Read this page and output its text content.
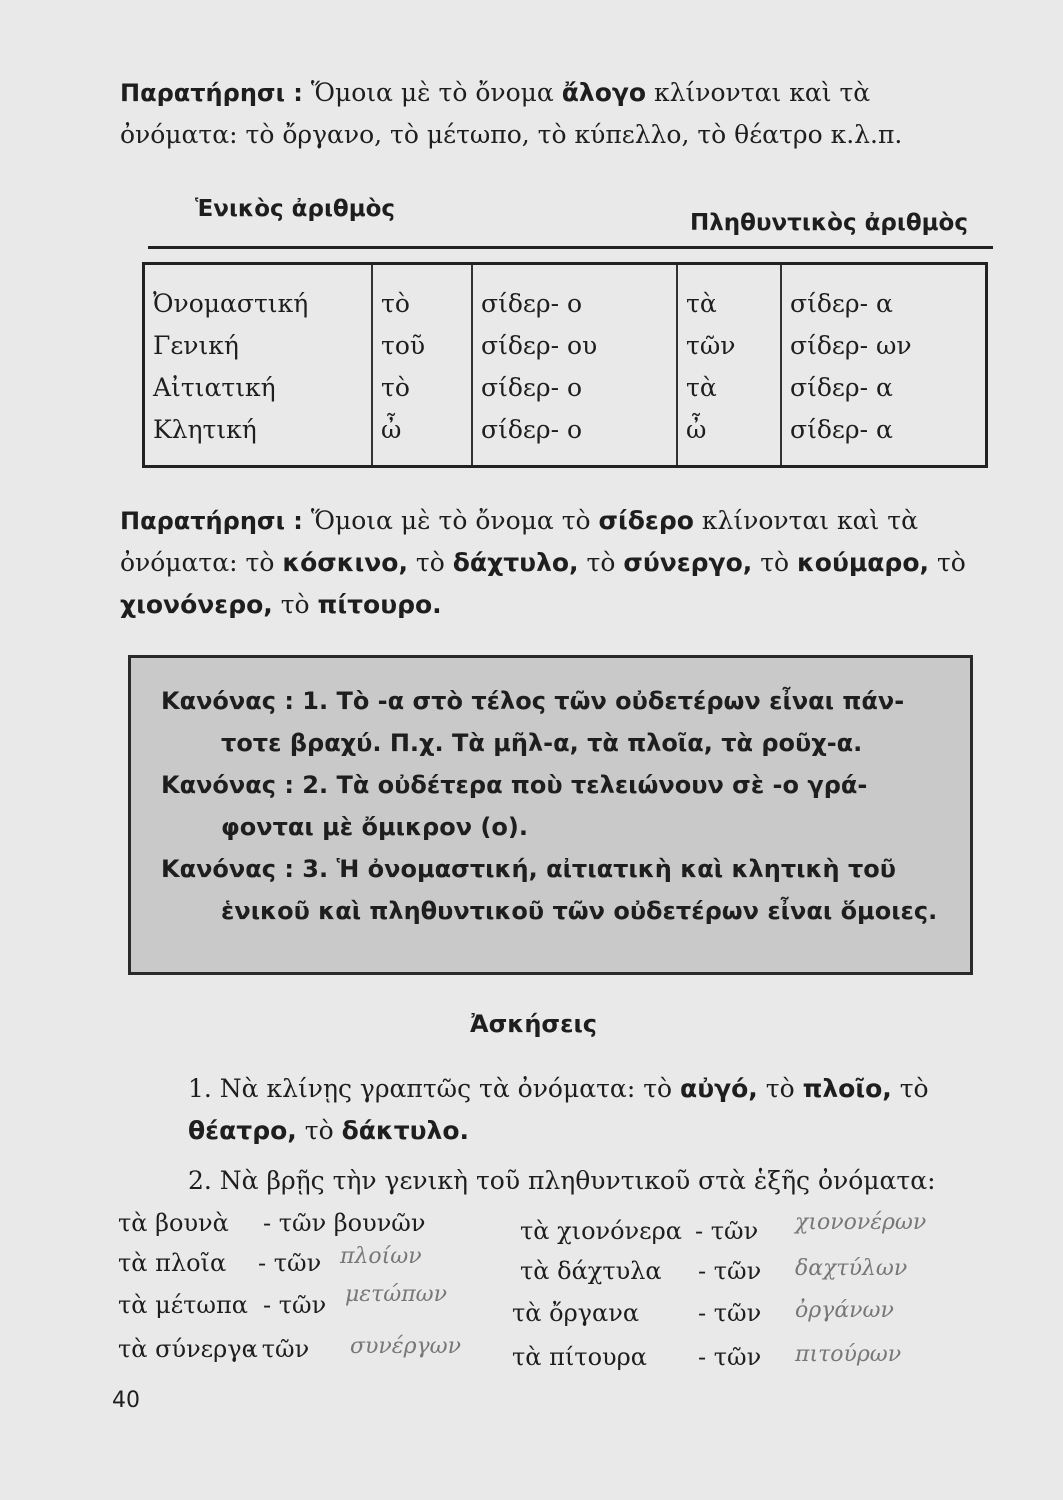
Παρατήρησι : Ὅμοια μὲ τὸ ὄνομα ἄλογο κλίνονται καὶ τὰ ὀνόματα: τὸ ὄργανο, τὸ μέτωπο, τὸ κύπελλο, τὸ θέατρο κ.λ.π.

Ἑνικὸς ἀριθμὸς
Πληθυντικὸς ἀριθμὸς
Ὀνομαστική
Γενική
Αἰτιατική
Κλητική
τὸ
τοῦ
τὸ
ὦ
σίδερ- ο
σίδερ- ου
σίδερ- ο
σίδερ- ο
τὰ
τῶν
τὰ
ὦ
σίδερ- α
σίδερ- ων
σίδερ- α
σίδερ- α

Παρατήρησι : Ὅμοια μὲ τὸ ὄνομα τὸ σίδερο κλίνονται καὶ τὰ ὀνόματα: τὸ κόσκινο, τὸ δάχτυλο, τὸ σύνεργο, τὸ κούμαρο, τὸ χιονόνερο, τὸ πίτουρο.

Κανόνας : 1. Τὸ -α στὸ τέλος τῶν οὐδετέρων εἶναι πάν-
τοτε βραχύ. Π.χ. Τὰ μῆλ-α, τὰ πλοῖα, τὰ ροῦχ-α.

Κανόνας : 2. Τὰ οὐδέτερα ποὺ τελειώνουν σὲ -ο γρά-
φονται μὲ ὄμικρον (ο).

Κανόνας : 3. Ἡ ὀνομαστική, αἰτιατικὴ καὶ κλητικὴ τοῦ
ἑνικοῦ καὶ πληθυντικοῦ τῶν οὐδετέρων εἶναι ὅμοιες.

Ἀσκήσεις

1. Νὰ κλίνῃς γραπτῶς τὰ ὀνόματα: τὸ αὐγό, τὸ πλοῖο, τὸ θέατρο, τὸ δάκτυλο.

2. Νὰ βρῇς τὴν γενικὴ τοῦ πληθυντικοῦ στὰ ἑξῆς ὀνόματα:

τὰ βουνὰ - τῶν βουνῶν
τὰ πλοῖα - τῶν πλοίων
τὰ μέτωπα - τῶν μετώπων
τὰ σύνεργα
- τῶν συνέργων
τὰ χιονόνερα - τῶν χιονονέρων
τὰ δάχτυλα - τῶν δαχτύλων
τὰ ὄργανα - τῶν ὀργάνων
τὰ πίτουρα - τῶν πιτούρων
40
